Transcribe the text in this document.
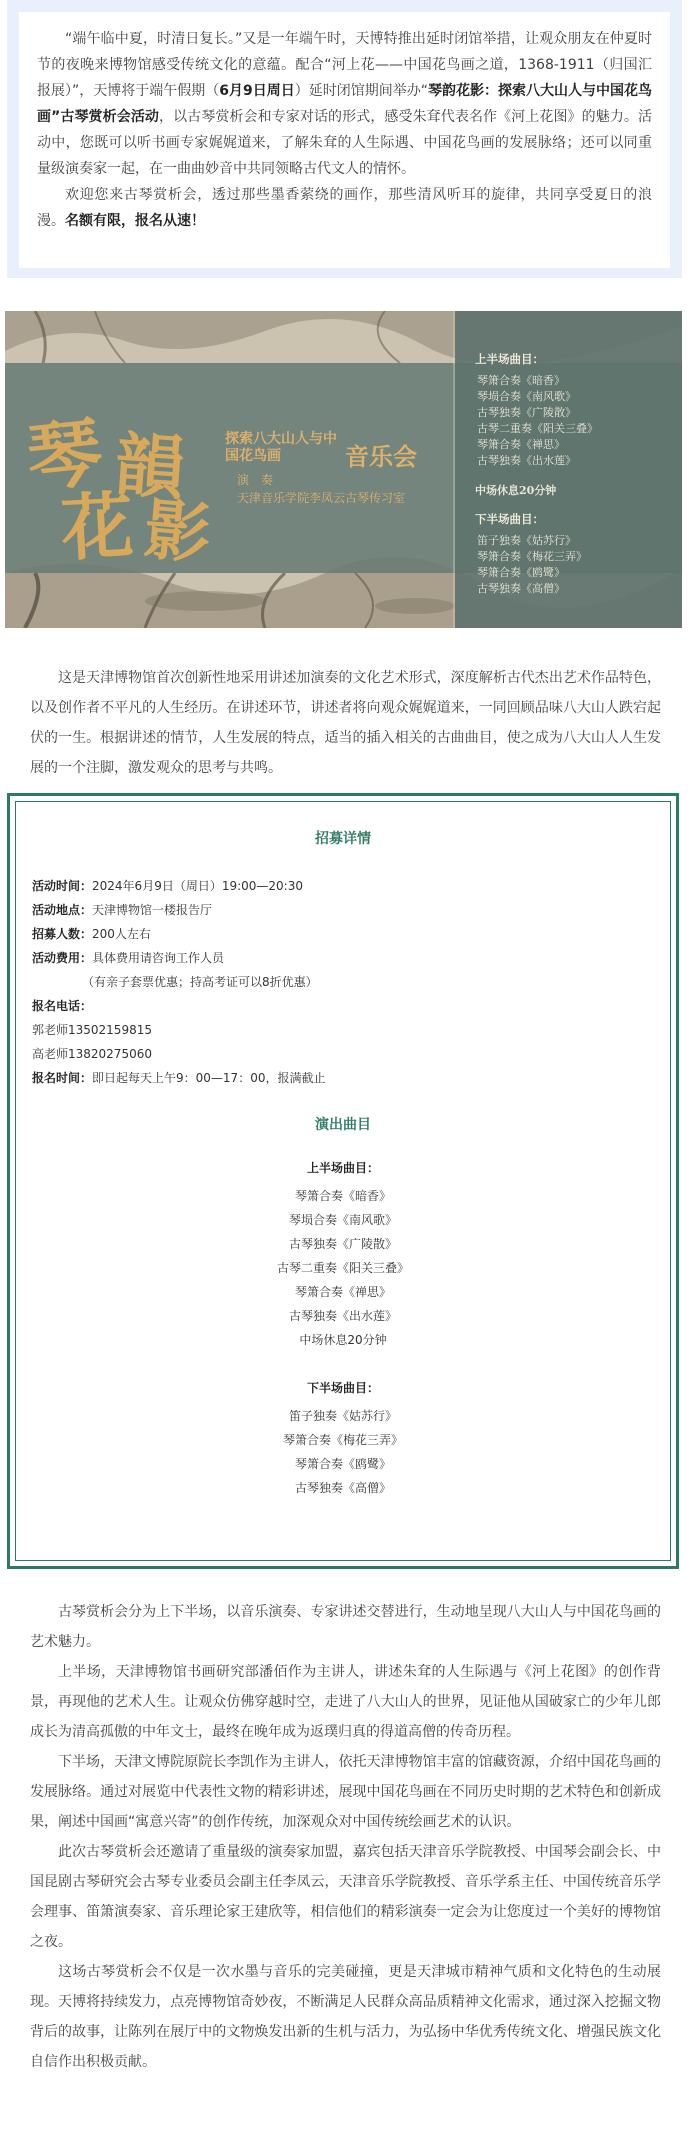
“端午临中夏，时清日复长。”又是一年端午时，天博特推出延时闭馆举措，让观众朋友在仲夏时节的夜晚来博物馆感受传统文化的意蕴。配合“河上花——中国花鸟画之道，1368-1911（归国汇报展）”，天博将于端午假期（6月9日周日）延时闭馆期间举办“琴韵花影：探索八大山人与中国花鸟画”古琴赏析会活动，以古琴赏析会和专家对话的形式，感受朱耷代表名作《河上花图》的魅力。活动中，您既可以听书画专家娓娓道来，了解朱耷的人生际遇、中国花鸟画的发展脉络；还可以同重量级演奏家一起，在一曲曲妙音中共同领略古代文人的情怀。

欢迎您来古琴赏析会，透过那些墨香萦绕的画作，那些清风听耳的旋律，共同享受夏日的浪漫。名额有限，报名从速！

琴 韻
花 影
探索八大山人与中国花鸟画	音乐会
演　奏
天津音乐学院李凤云古琴传习室
上半场曲目：
琴箫合奏《暗香》
琴埙合奏《南风歌》
古琴独奏《广陵散》
古琴二重奏《阳关三叠》
琴箫合奏《禅思》
古琴独奏《出水莲》
中场休息20分钟
下半场曲目：
笛子独奏《姑苏行》
琴箫合奏《梅花三弄》
琴箫合奏《鸥鹭》
古琴独奏《高僧》

这是天津博物馆首次创新性地采用讲述加演奏的文化艺术形式，深度解析古代杰出艺术作品特色，以及创作者不平凡的人生经历。在讲述环节，讲述者将向观众娓娓道来，一同回顾品味八大山人跌宕起伏的一生。根据讲述的情节，人生发展的特点，适当的插入相关的古曲曲目，使之成为八大山人人生发展的一个注脚，激发观众的思考与共鸣。

招募详情
活动时间：2024年6月9日（周日）19:00—20:30
活动地点：天津博物馆一楼报告厅
招募人数：200人左右
活动费用：具体费用请咨询工作人员
（有亲子套票优惠；持高考证可以8折优惠）
报名电话：
郭老师13502159815
高老师13820275060
报名时间：即日起每天上午9：00—17：00，报满截止
演出曲目
上半场曲目：
琴箫合奏《暗香》
琴埙合奏《南风歌》
古琴独奏《广陵散》
古琴二重奏《阳关三叠》
琴箫合奏《禅思》
古琴独奏《出水莲》
中场休息20分钟
下半场曲目：
笛子独奏《姑苏行》
琴箫合奏《梅花三弄》
琴箫合奏《鸥鹭》
古琴独奏《高僧》

古琴赏析会分为上下半场，以音乐演奏、专家讲述交替进行，生动地呈现八大山人与中国花鸟画的艺术魅力。

上半场，天津博物馆书画研究部潘佰作为主讲人，讲述朱耷的人生际遇与《河上花图》的创作背景，再现他的艺术人生。让观众仿佛穿越时空，走进了八大山人的世界，见证他从国破家亡的少年儿郎成长为清高孤傲的中年文士，最终在晚年成为返璞归真的得道高僧的传奇历程。

下半场，天津文博院原院长李凯作为主讲人，依托天津博物馆丰富的馆藏资源，介绍中国花鸟画的发展脉络。通过对展览中代表性文物的精彩讲述，展现中国花鸟画在不同历史时期的艺术特色和创新成果，阐述中国画“寓意兴寄”的创作传统，加深观众对中国传统绘画艺术的认识。

此次古琴赏析会还邀请了重量级的演奏家加盟，嘉宾包括天津音乐学院教授、中国琴会副会长、中国昆剧古琴研究会古琴专业委员会副主任李凤云，天津音乐学院教授、音乐学系主任、中国传统音乐学会理事、笛箫演奏家、音乐理论家王建欣等，相信他们的精彩演奏一定会为让您度过一个美好的博物馆之夜。

这场古琴赏析会不仅是一次水墨与音乐的完美碰撞，更是天津城市精神气质和文化特色的生动展现。天博将持续发力，点亮博物馆奇妙夜，不断满足人民群众高品质精神文化需求，通过深入挖掘文物背后的故事，让陈列在展厅中的文物焕发出新的生机与活力，为弘扬中华优秀传统文化、增强民族文化自信作出积极贡献。
